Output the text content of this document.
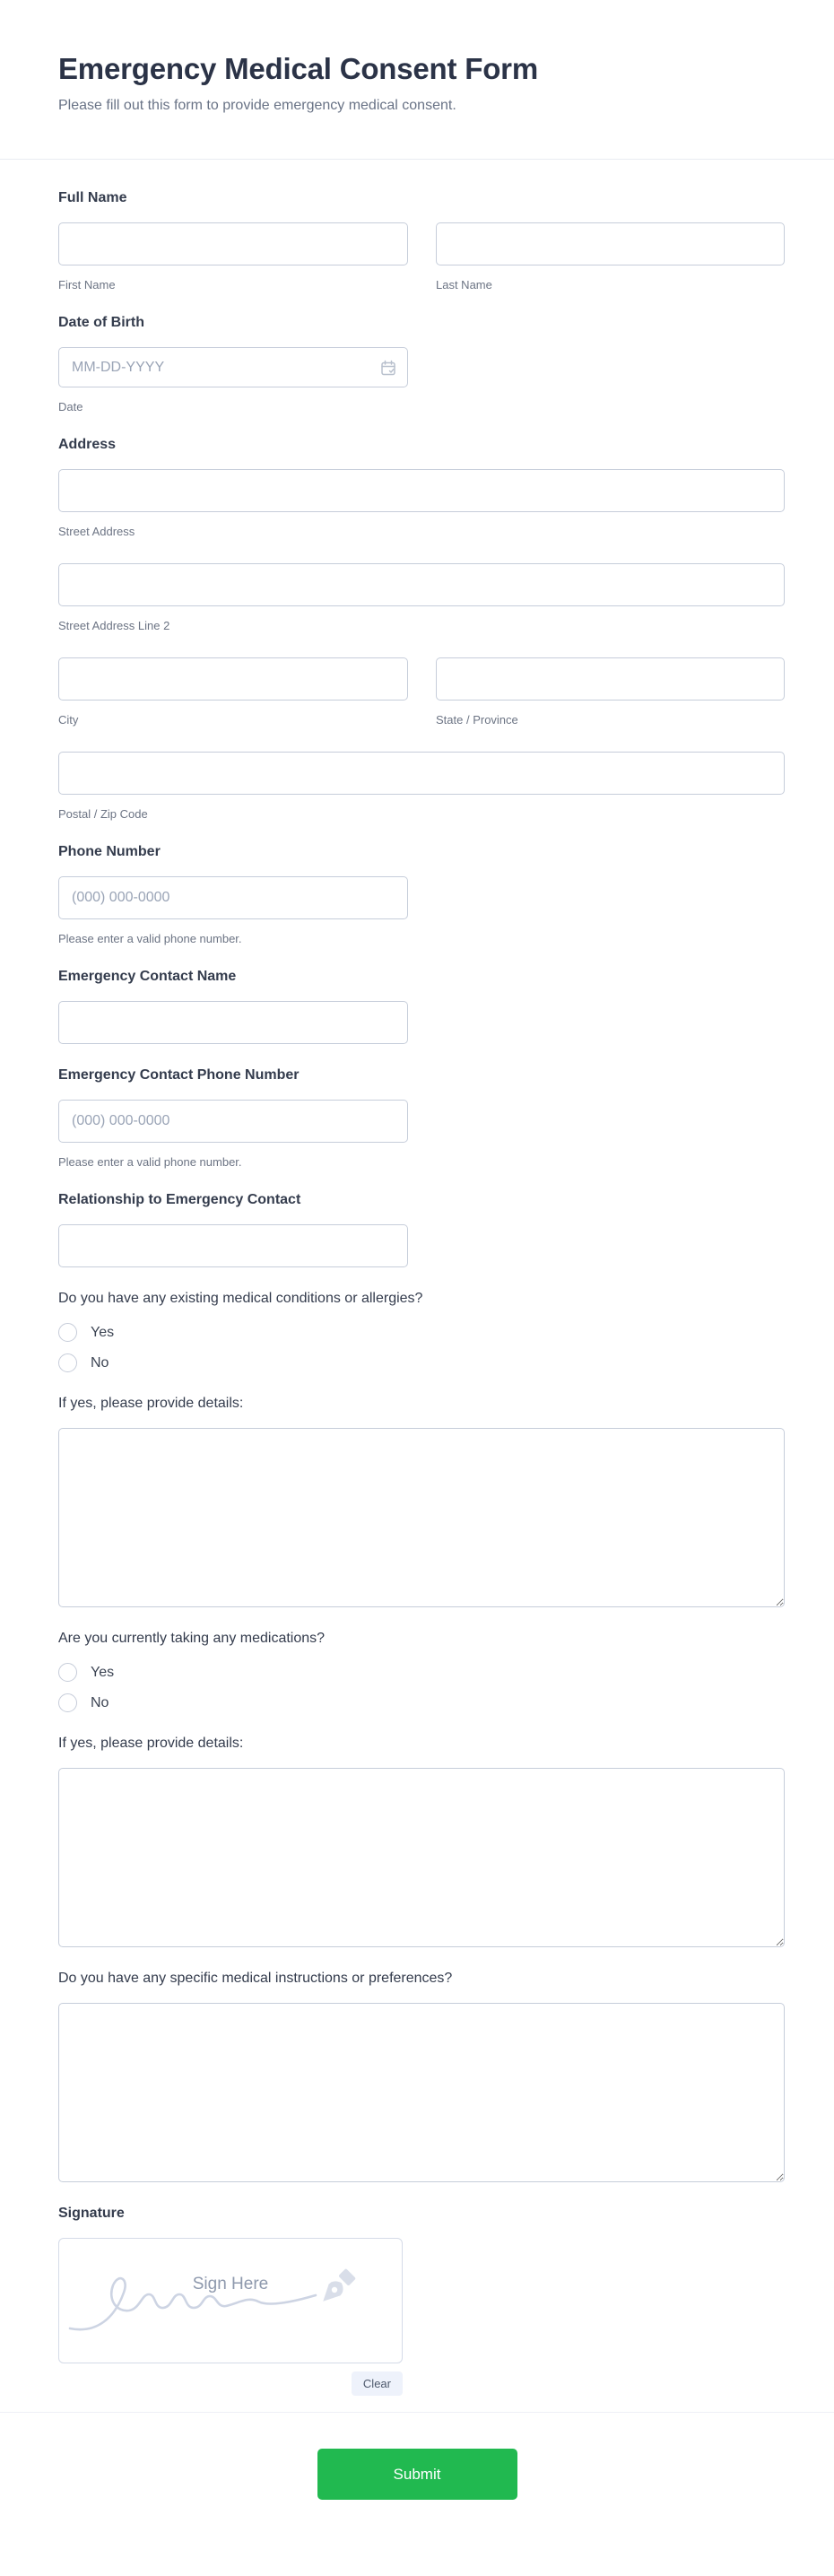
Emergency Medical Consent Form

Please fill out this form to provide emergency medical consent.

Full Name
First Name	Last Name
Date of Birth
MM-DD-YYYY
Date
Address
Street Address
Street Address Line 2
City	State / Province
Postal / Zip Code
Phone Number
(000) 000-0000
Please enter a valid phone number.
Emergency Contact Name
Emergency Contact Phone Number
(000) 000-0000
Please enter a valid phone number.
Relationship to Emergency Contact
Do you have any existing medical conditions or allergies?
Yes
No
If yes, please provide details:
Are you currently taking any medications?
Yes
No
If yes, please provide details:
Do you have any specific medical instructions or preferences?
Signature
Sign Here
Clear
Submit
